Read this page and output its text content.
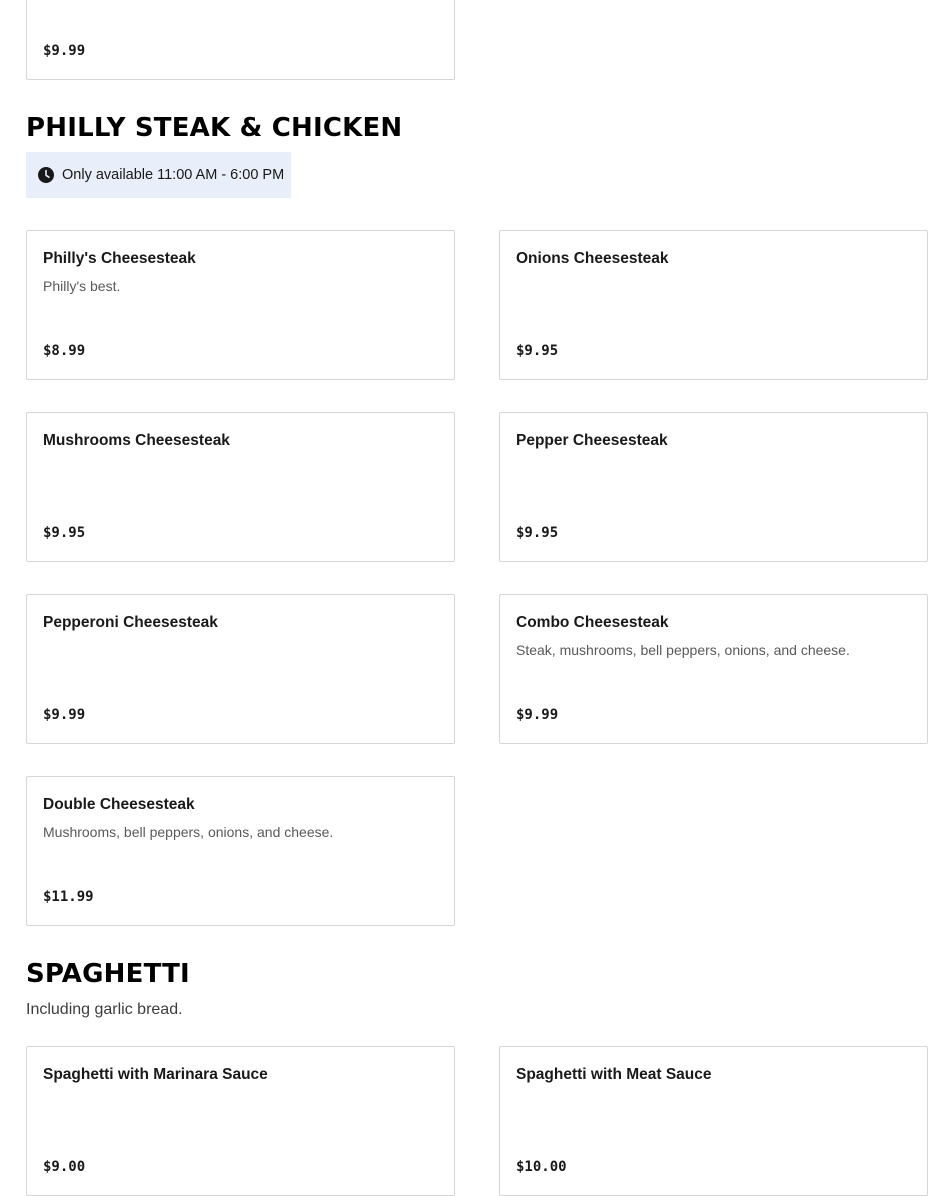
$9.99
PHILLY STEAK & CHICKEN
Only available 11:00 AM - 6:00 PM
Philly's Cheesesteak
Philly's best.
$8.99
Onions Cheesesteak
$9.95
Mushrooms Cheesesteak
$9.95
Pepper Cheesesteak
$9.95
Pepperoni Cheesesteak
$9.99
Combo Cheesesteak
Steak, mushrooms, bell peppers, onions, and cheese.
$9.99
Double Cheesesteak
Mushrooms, bell peppers, onions, and cheese.
$11.99
SPAGHETTI
Including garlic bread.
Spaghetti with Marinara Sauce
$9.00
Spaghetti with Meat Sauce
$10.00
